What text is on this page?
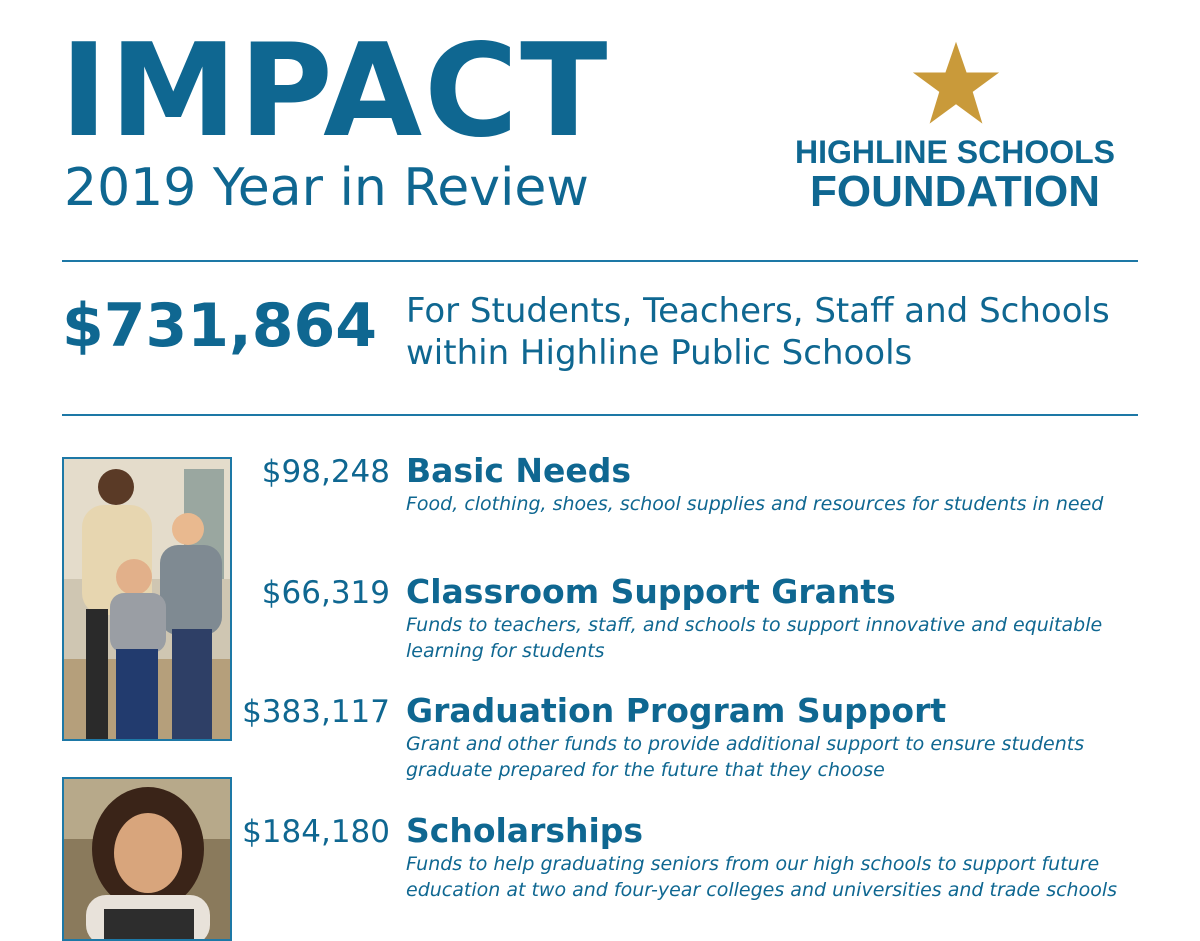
IMPACT
2019 Year in Review
HIGHLINE SCHOOLS
FOUNDATION
$731,864 For Students, Teachers, Staff and Schools
within Highline Public Schools
$98,248 Basic Needs
Food, clothing, shoes, school supplies and resources for students in need
$66,319 Classroom Support Grants
Funds to teachers, staff, and schools to support innovative and equitable
learning for students
$383,117 Graduation Program Support
Grant and other funds to provide additional support to ensure students
graduate prepared for the future that they choose
$184,180 Scholarships
Funds to help graduating seniors from our high schools to support future
education at two and four-year colleges and universities and trade schools
